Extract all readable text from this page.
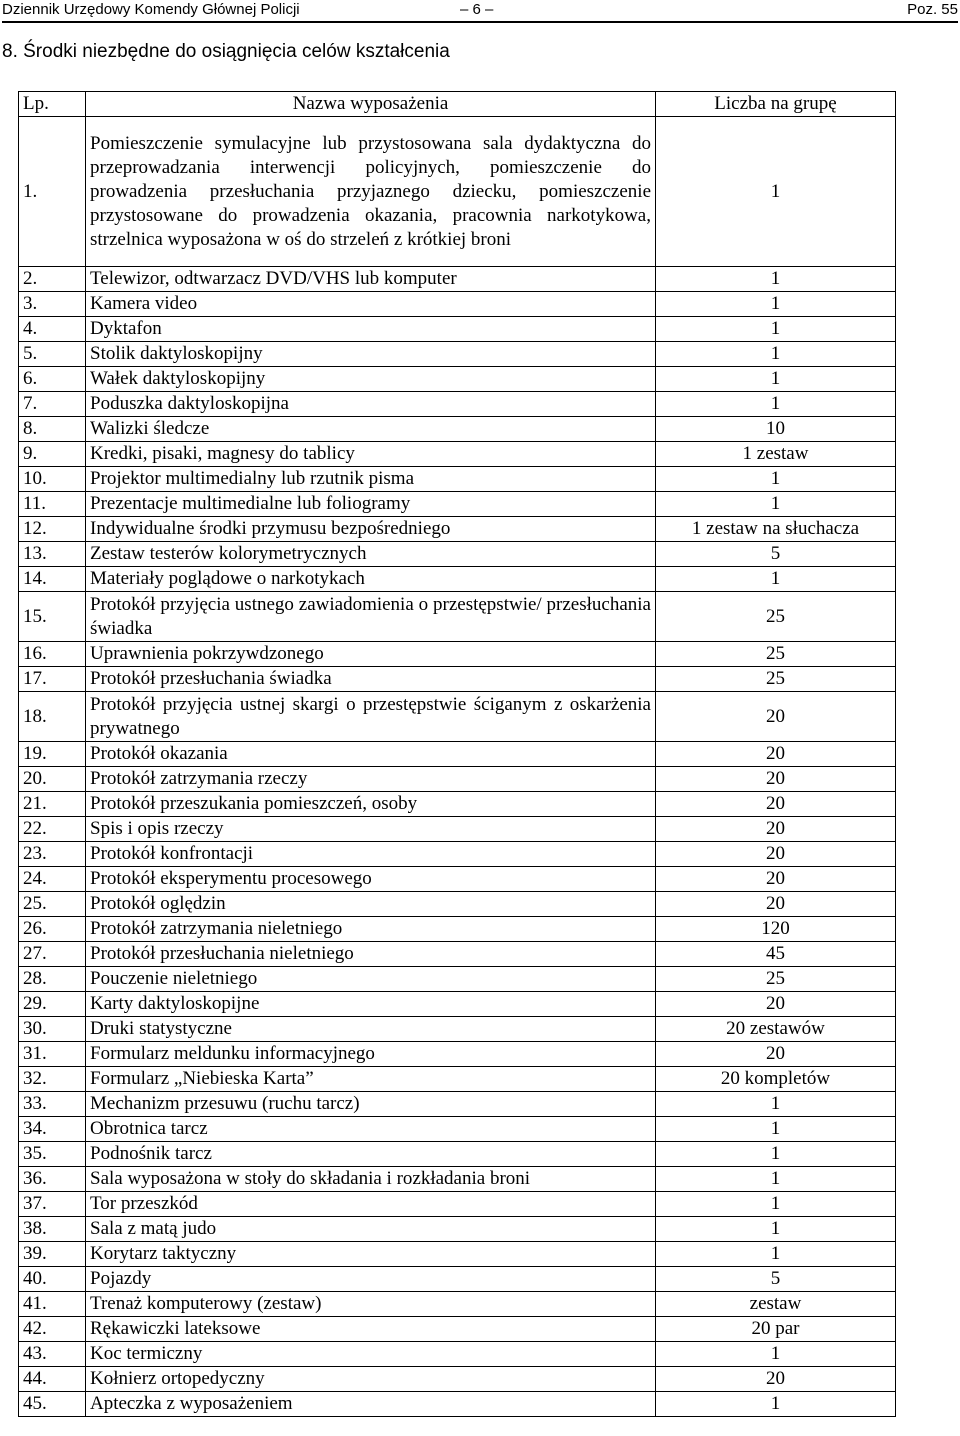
Dziennik Urzędowy Komendy Głównej Policji	– 6 –	Poz. 55
8. Środki niezbędne do osiągnięcia celów kształcenia
Lp.	Nazwa wyposażenia	Liczba na grupę
1.	Pomieszczenie symulacyjne lub przystosowana sala dydaktyczna do przeprowadzania interwencji policyjnych, pomieszczenie do prowadzenia przesłuchania przyjaznego dziecku, pomieszczenie przystosowane do prowadzenia okazania, pracownia narkotykowa, strzelnica wyposażona w oś do strzeleń z krótkiej broni	1
2.	Telewizor, odtwarzacz DVD/VHS lub komputer	1
3.	Kamera video	1
4.	Dyktafon	1
5.	Stolik daktyloskopijny	1
6.	Wałek daktyloskopijny	1
7.	Poduszka daktyloskopijna	1
8.	Walizki śledcze	10
9.	Kredki, pisaki, magnesy do tablicy	1 zestaw
10.	Projektor multimedialny lub rzutnik pisma	1
11.	Prezentacje multimedialne lub foliogramy	1
12.	Indywidualne środki przymusu bezpośredniego	1 zestaw na słuchacza
13.	Zestaw testerów kolorymetrycznych	5
14.	Materiały poglądowe o narkotykach	1
15.	Protokół przyjęcia ustnego zawiadomienia o przestępstwie/ przesłuchania świadka	25
16.	Uprawnienia pokrzywdzonego	25
17.	Protokół przesłuchania świadka	25
18.	Protokół przyjęcia ustnej skargi o przestępstwie ściganym z oskarżenia prywatnego	20
19.	Protokół okazania	20
20.	Protokół zatrzymania rzeczy	20
21.	Protokół przeszukania pomieszczeń, osoby	20
22.	Spis i opis rzeczy	20
23.	Protokół konfrontacji	20
24.	Protokół eksperymentu procesowego	20
25.	Protokół oględzin	20
26.	Protokół zatrzymania nieletniego	120
27.	Protokół przesłuchania nieletniego	45
28.	Pouczenie nieletniego	25
29.	Karty daktyloskopijne	20
30.	Druki statystyczne	20 zestawów
31.	Formularz meldunku informacyjnego	20
32.	Formularz „Niebieska Karta”	20 kompletów
33.	Mechanizm przesuwu (ruchu tarcz)	1
34.	Obrotnica tarcz	1
35.	Podnośnik tarcz	1
36.	Sala wyposażona w stoły do składania i rozkładania broni	1
37.	Tor przeszkód	1
38.	Sala z matą judo	1
39.	Korytarz taktyczny	1
40.	Pojazdy	5
41.	Trenaż komputerowy (zestaw)	zestaw
42.	Rękawiczki lateksowe	20 par
43.	Koc termiczny	1
44.	Kołnierz ortopedyczny	20
45.	Apteczka z wyposażeniem	1
